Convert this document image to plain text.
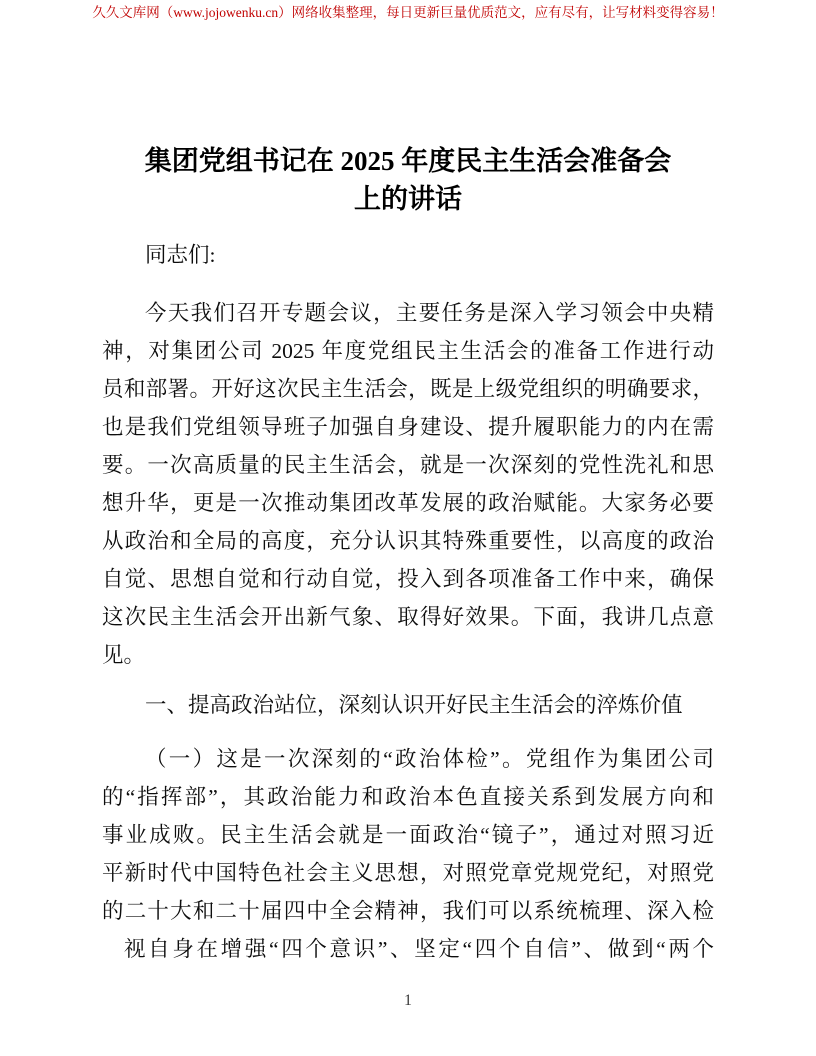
久久文库网（www.jojowenku.cn）网络收集整理，每日更新巨量优质范文，应有尽有，让写材料变得容易！
集团党组书记在 2025 年度民主生活会准备会
上的讲话
同志们:
今天我们召开专题会议，主要任务是深入学习领会中央精
神，对集团公司 2025 年度党组民主生活会的准备工作进行动
员和部署。开好这次民主生活会，既是上级党组织的明确要求，
也是我们党组领导班子加强自身建设、提升履职能力的内在需
要。一次高质量的民主生活会，就是一次深刻的党性洗礼和思
想升华，更是一次推动集团改革发展的政治赋能。大家务必要
从政治和全局的高度，充分认识其特殊重要性，以高度的政治
自觉、思想自觉和行动自觉，投入到各项准备工作中来，确保
这次民主生活会开出新气象、取得好效果。下面，我讲几点意
见。
一、提高政治站位，深刻认识开好民主生活会的淬炼价值
（一）这是一次深刻的“政治体检”。党组作为集团公司
的“指挥部”，其政治能力和政治本色直接关系到发展方向和
事业成败。民主生活会就是一面政治“镜子”，通过对照习近
平新时代中国特色社会主义思想，对照党章党规党纪，对照党
的二十大和二十届四中全会精神，我们可以系统梳理、深入检
视自身在增强“四个意识”、坚定“四个自信”、做到“两个
1
